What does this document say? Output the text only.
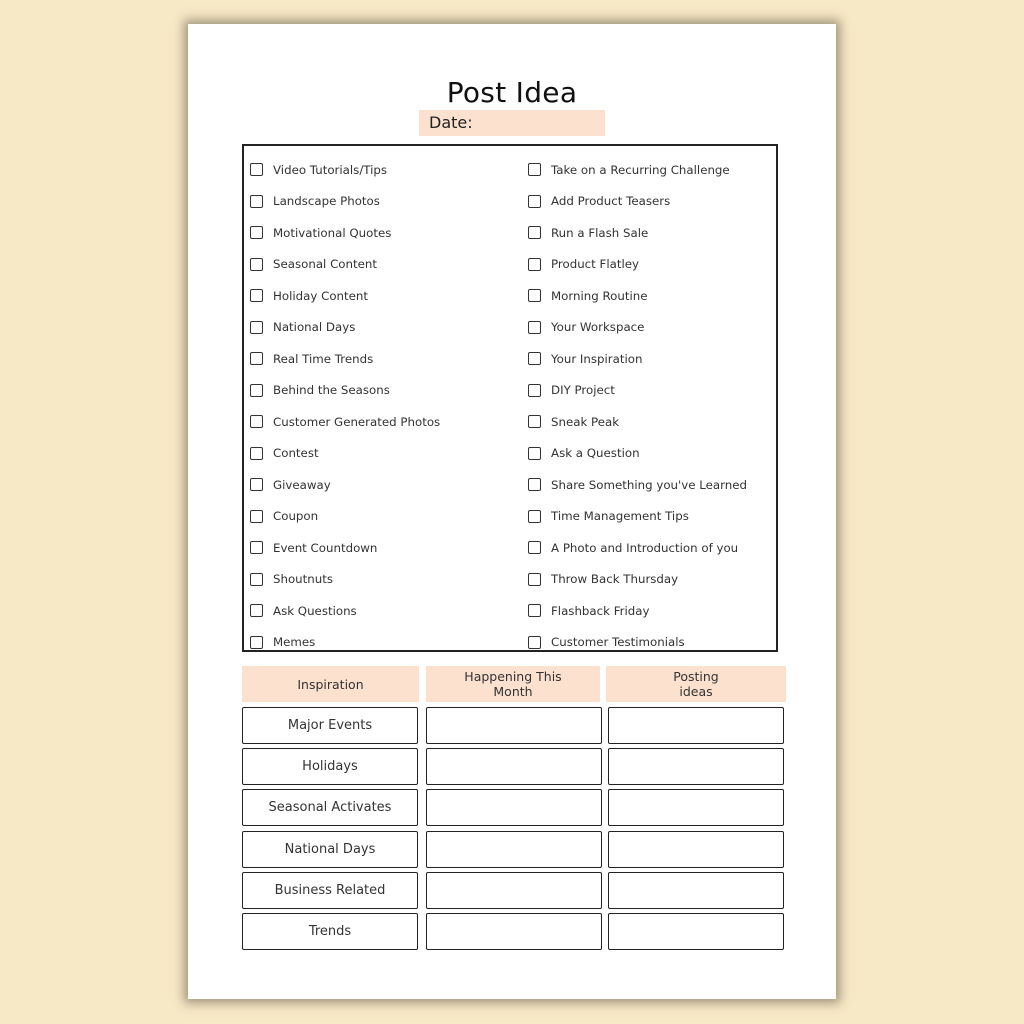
Post Idea
Date:
Video Tutorials/Tips
Landscape Photos
Motivational Quotes
Seasonal Content
Holiday Content
National Days
Real Time Trends
Behind the Seasons
Customer Generated Photos
Contest
Giveaway
Coupon
Event Countdown
Shoutnuts
Ask Questions
Memes
Take on a Recurring Challenge
Add Product Teasers
Run a Flash Sale
Product Flatley
Morning Routine
Your Workspace
Your Inspiration
DIY Project
Sneak Peak
Ask a Question
Share Something you've Learned
Time Management Tips
A Photo and Introduction of you
Throw Back Thursday
Flashback Friday
Customer Testimonials
Inspiration	Happening This
Month
Posting
ideas
Major Events
Holidays
Seasonal Activates
National Days
Business Related
Trends
